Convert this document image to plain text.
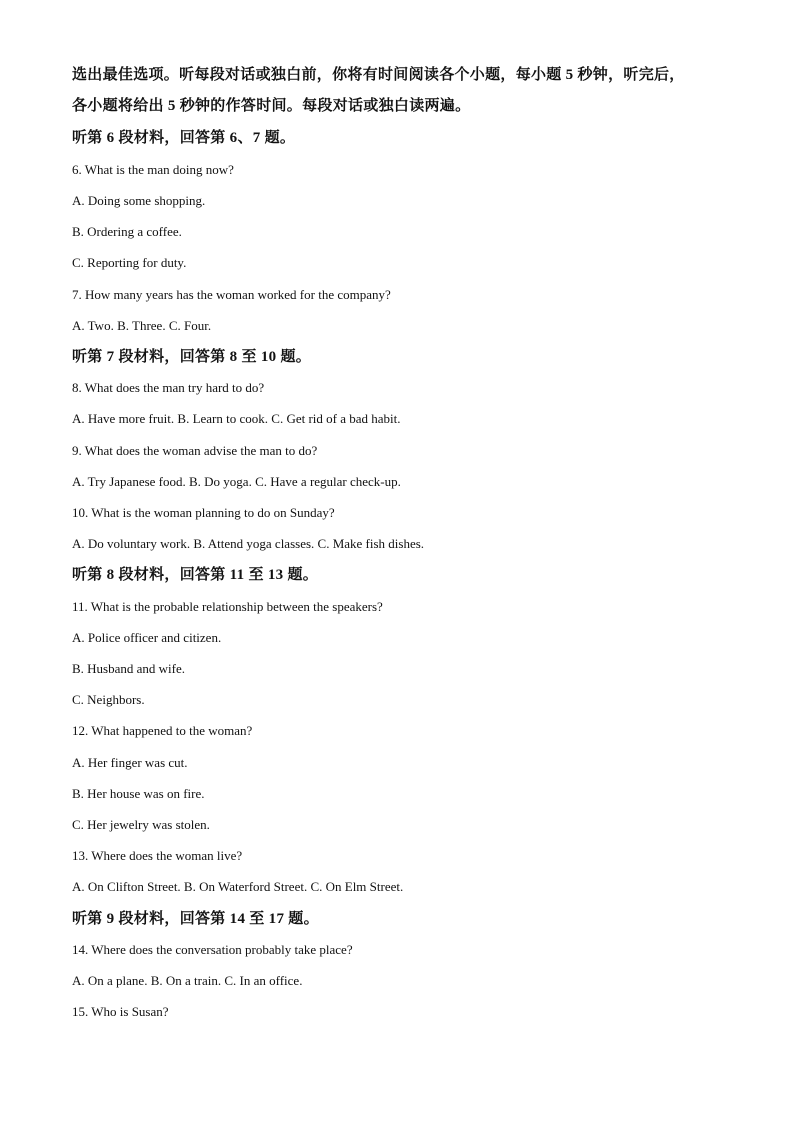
选出最佳选项。听每段对话或独白前，你将有时间阅读各个小题，每小题 5 秒钟，听完后，
各小题将给出 5 秒钟的作答时间。每段对话或独白读两遍。
听第 6 段材料，回答第 6、7 题。
6. What is the man doing now?
A. Doing some shopping.
B. Ordering a coffee.
C. Reporting for duty.
7. How many years has the woman worked for the company?
A. Two. B. Three. C. Four.
听第 7 段材料，回答第 8 至 10 题。
8. What does the man try hard to do?
A. Have more fruit. B. Learn to cook. C. Get rid of a bad habit.
9. What does the woman advise the man to do?
A. Try Japanese food. B. Do yoga. C. Have a regular check-up.
10. What is the woman planning to do on Sunday?
A. Do voluntary work. B. Attend yoga classes. C. Make fish dishes.
听第 8 段材料，回答第 11 至 13 题。
11. What is the probable relationship between the speakers?
A. Police officer and citizen.
B. Husband and wife.
C. Neighbors.
12. What happened to the woman?
A. Her finger was cut.
B. Her house was on fire.
C. Her jewelry was stolen.
13. Where does the woman live?
A. On Clifton Street. B. On Waterford Street. C. On Elm Street.
听第 9 段材料，回答第 14 至 17 题。
14. Where does the conversation probably take place?
A. On a plane. B. On a train. C. In an office.
15. Who is Susan?
